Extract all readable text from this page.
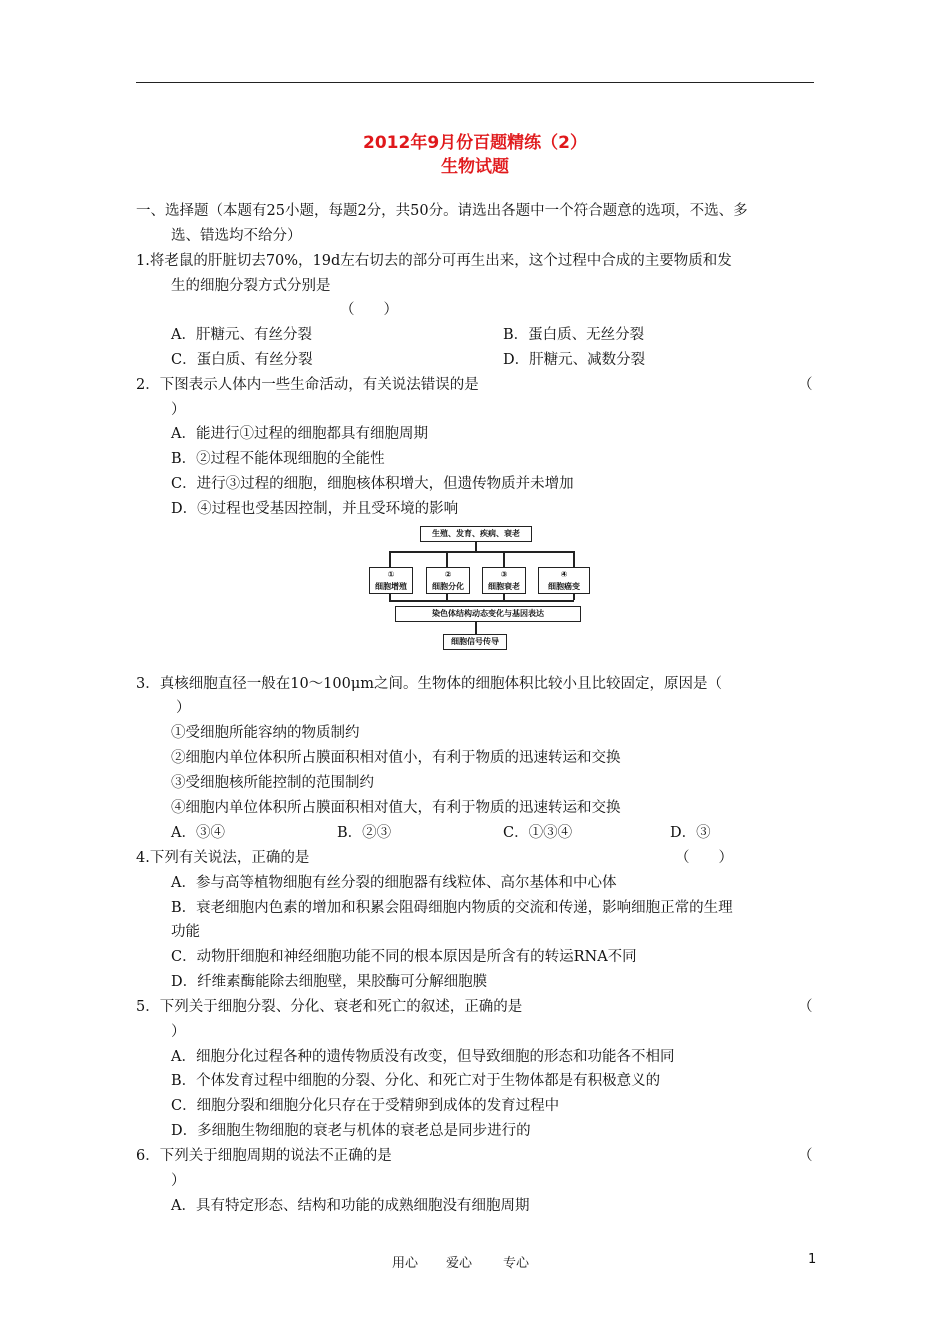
2012年9月份百题精练（2）
生物试题
一、选择题（本题有25小题，每题2分，共50分。请选出各题中一个符合题意的选项，不选、多
选、错选均不给分）
1.将老鼠的肝脏切去70%，19d左右切去的部分可再生出来，这个过程中合成的主要物质和发
生的细胞分裂方式分别是
（　　）
A．肝糖元、有丝分裂	B．蛋白质、无丝分裂
C．蛋白质、有丝分裂	D．肝糖元、减数分裂
2．下图表示人体内一些生命活动，有关说法错误的是	（
）
A．能进行①过程的细胞都具有细胞周期
B．②过程不能体现细胞的全能性
C．进行③过程的细胞，细胞核体积增大，但遗传物质并未增加
D．④过程也受基因控制，并且受环境的影响
生殖、发育、疾病、衰老
①
细胞增殖
②
细胞分化
③
细胞衰老
④
细胞癌变
染色体结构动态变化与基因表达
细胞信号传导
3．真核细胞直径一般在10～100μm之间。生物体的细胞体积比较小且比较固定，原因是（
）
①受细胞所能容纳的物质制约
②细胞内单位体积所占膜面积相对值小，有利于物质的迅速转运和交换
③受细胞核所能控制的范围制约
④细胞内单位体积所占膜面积相对值大，有利于物质的迅速转运和交换
A．③④	B．②③	C．①③④	D．③
4.下列有关说法，正确的是	（　　）
A．参与高等植物细胞有丝分裂的细胞器有线粒体、高尔基体和中心体
B．衰老细胞内色素的增加和积累会阻碍细胞内物质的交流和传递，影响细胞正常的生理
功能
C．动物肝细胞和神经细胞功能不同的根本原因是所含有的转运RNA不同
D．纤维素酶能除去细胞壁，果胶酶可分解细胞膜
5．下列关于细胞分裂、分化、衰老和死亡的叙述，正确的是	（
）
A．细胞分化过程各种的遗传物质没有改变，但导致细胞的形态和功能各不相同
B．个体发育过程中细胞的分裂、分化、和死亡对于生物体都是有积极意义的
C．细胞分裂和细胞分化只存在于受精卵到成体的发育过程中
D．多细胞生物细胞的衰老与机体的衰老总是同步进行的
6．下列关于细胞周期的说法不正确的是	（
）
A．具有特定形态、结构和功能的成熟细胞没有细胞周期
用心 爱心 专心	1
